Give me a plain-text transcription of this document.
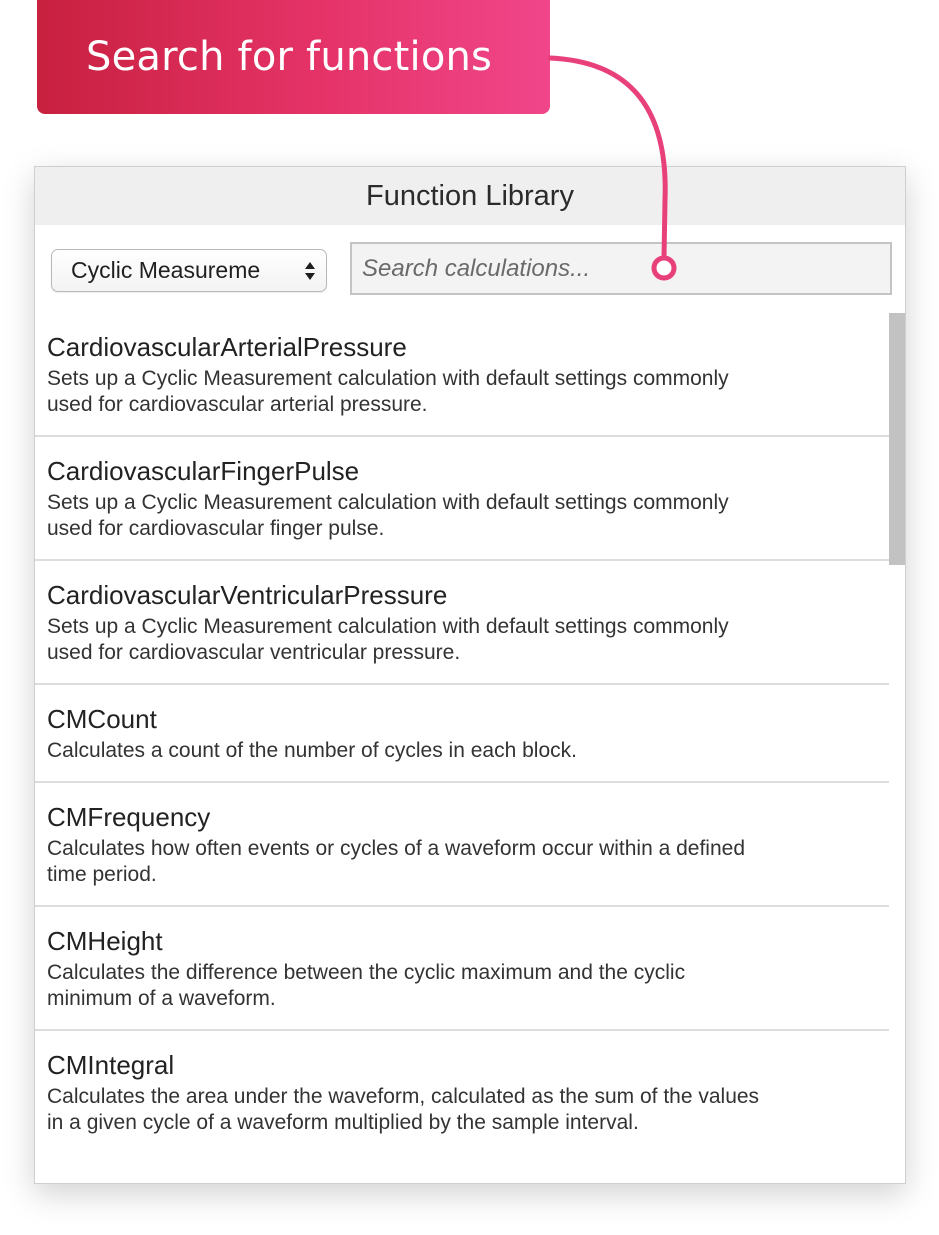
Search for functions
Function Library
Cyclic Measureme
Search calculations...
CardiovascularArterialPressure
Sets up a Cyclic Measurement calculation with default settings commonly used for cardiovascular arterial pressure.
CardiovascularFingerPulse
Sets up a Cyclic Measurement calculation with default settings commonly used for cardiovascular finger pulse.
CardiovascularVentricularPressure
Sets up a Cyclic Measurement calculation with default settings commonly used for cardiovascular ventricular pressure.
CMCount
Calculates a count of the number of cycles in each block.
CMFrequency
Calculates how often events or cycles of a waveform occur within a defined time period.
CMHeight
Calculates the difference between the cyclic maximum and the cyclic minimum of a waveform.
CMIntegral
Calculates the area under the waveform, calculated as the sum of the values in a given cycle of a waveform multiplied by the sample interval.
